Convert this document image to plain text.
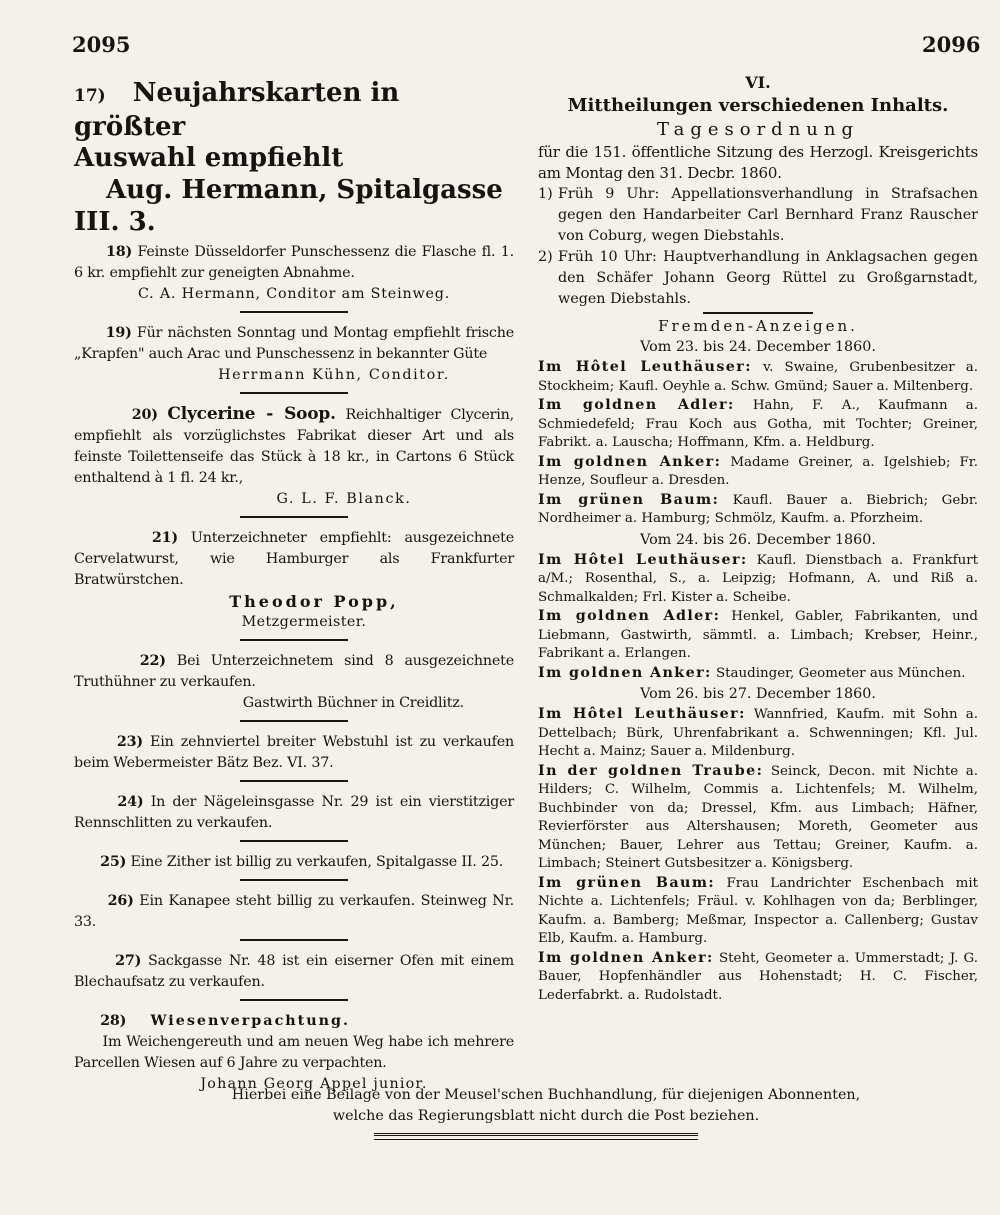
2095	2096

17) Neujahrskarten in größter

Auswahl empfiehlt

Aug. Hermann, Spitalgasse III. 3.

18) Feinste Düsseldorfer Punschessenz die Flasche fl. 1. 6 kr. empfiehlt zur geneigten Abnahme.

C. A. Hermann, Conditor am Steinweg.

19) Für nächsten Sonntag und Montag empfiehlt frische „Krapfen" auch Arac und Punschessenz in bekannter Güte

Herrmann Kühn, Conditor.

20) Clycerine - Soop. Reichhaltiger Clycerin, empfiehlt als vorzüglichstes Fabrikat dieser Art und als feinste Toilettenseife das Stück à 18 kr., in Cartons 6 Stück enthaltend à 1 fl. 24 kr.,

G. L. F. Blanck.

21) Unterzeichneter empfiehlt: ausgezeichnete Cervelatwurst, wie Hamburger als Frankfurter Bratwürstchen.

Theodor Popp,

Metzgermeister.

22) Bei Unterzeichnetem sind 8 ausgezeichnete Truthühner zu verkaufen.

Gastwirth Büchner in Creidlitz.

23) Ein zehnviertel breiter Webstuhl ist zu verkaufen beim Webermeister Bätz Bez. VI. 37.

24) In der Nägeleinsgasse Nr. 29 ist ein vierstitziger Rennschlitten zu verkaufen.

25) Eine Zither ist billig zu verkaufen, Spitalgasse II. 25.

26) Ein Kanapee steht billig zu verkaufen. Steinweg Nr. 33.

27) Sackgasse Nr. 48 ist ein eiserner Ofen mit einem Blechaufsatz zu verkaufen.

28) Wiesenverpachtung.

Im Weichengereuth und am neuen Weg habe ich mehrere Parcellen Wiesen auf 6 Jahre zu verpachten.

Johann Georg Appel junior.

VI.

Mittheilungen verschiedenen Inhalts.

Tagesordnung

für die 151. öffentliche Sitzung des Herzogl. Kreisgerichts am Montag den 31. Decbr. 1860.

1) Früh 9 Uhr: Appellationsverhandlung in Strafsachen gegen den Handarbeiter Carl Bernhard Franz Rauscher von Coburg, wegen Diebstahls.
2) Früh 10 Uhr: Hauptverhandlung in Anklagsachen gegen den Schäfer Johann Georg Rüttel zu Großgarnstadt, wegen Diebstahls.

Fremden-Anzeigen.

Vom 23. bis 24. December 1860.

Im Hôtel Leuthäuser: v. Swaine, Grubenbesitzer a. Stockheim; Kaufl. Oeyhle a. Schw. Gmünd; Sauer a. Miltenberg.

Im goldnen Adler: Hahn, F. A., Kaufmann a. Schmiedefeld; Frau Koch aus Gotha, mit Tochter; Greiner, Fabrikt. a. Lauscha; Hoffmann, Kfm. a. Heldburg.

Im goldnen Anker: Madame Greiner, a. Igelshieb; Fr. Henze, Soufleur a. Dresden.

Im grünen Baum: Kaufl. Bauer a. Biebrich; Gebr. Nordheimer a. Hamburg; Schmölz, Kaufm. a. Pforzheim.

Vom 24. bis 26. December 1860.

Im Hôtel Leuthäuser: Kaufl. Dienstbach a. Frankfurt a/M.; Rosenthal, S., a. Leipzig; Hofmann, A. und Riß a. Schmalkalden; Frl. Kister a. Scheibe.

Im goldnen Adler: Henkel, Gabler, Fabrikanten, und Liebmann, Gastwirth, sämmtl. a. Limbach; Krebser, Heinr., Fabrikant a. Erlangen.

Im goldnen Anker: Staudinger, Geometer aus München.

Vom 26. bis 27. December 1860.

Im Hôtel Leuthäuser: Wannfried, Kaufm. mit Sohn a. Dettelbach; Bürk, Uhrenfabrikant a. Schwenningen; Kfl. Jul. Hecht a. Mainz; Sauer a. Mildenburg.

In der goldnen Traube: Seinck, Decon. mit Nichte a. Hilders; C. Wilhelm, Commis a. Lichtenfels; M. Wilhelm, Buchbinder von da; Dressel, Kfm. aus Limbach; Häfner, Revierförster aus Altershausen; Moreth, Geometer aus München; Bauer, Lehrer aus Tettau; Greiner, Kaufm. a. Limbach; Steinert Gutsbesitzer a. Königsberg.

Im grünen Baum: Frau Landrichter Eschenbach mit Nichte a. Lichtenfels; Fräul. v. Kohlhagen von da; Berblinger, Kaufm. a. Bamberg; Meßmar, Inspector a. Callenberg; Gustav Elb, Kaufm. a. Hamburg.

Im goldnen Anker: Steht, Geometer a. Ummerstadt; J. G. Bauer, Hopfenhändler aus Hohenstadt; H. C. Fischer, Lederfabrkt. a. Rudolstadt.

Hierbei eine Beilage von der Meusel'schen Buchhandlung, für diejenigen Abonnenten,
welche das Regierungsblatt nicht durch die Post beziehen.
